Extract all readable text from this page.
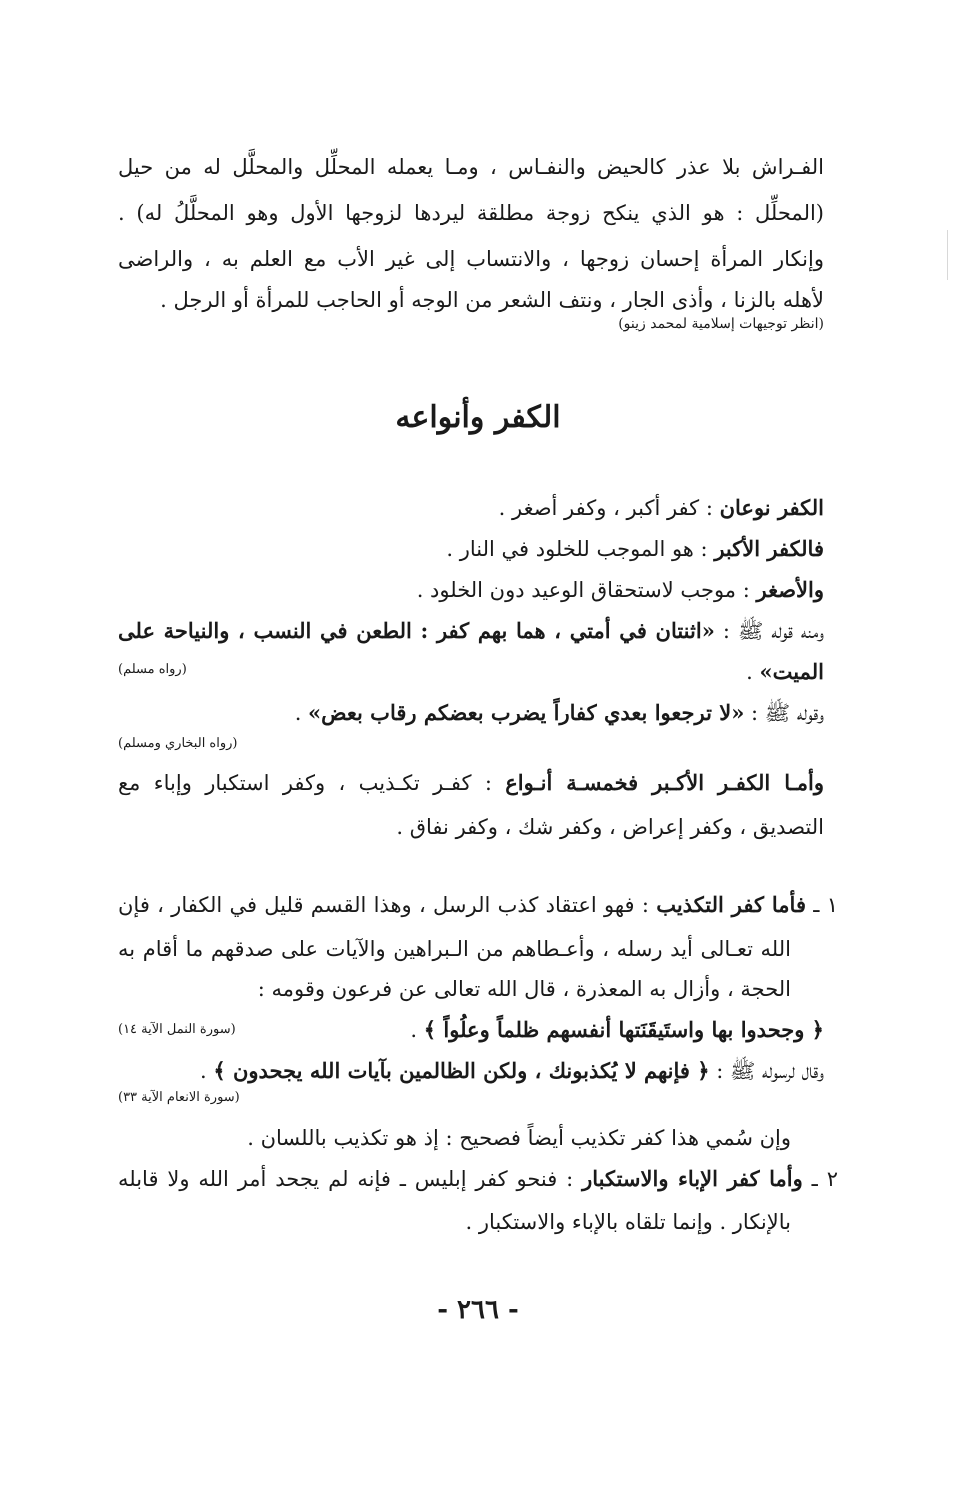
الفـراش بلا عذر كالحيض والنفـاس ، ومـا يعمله المحلِّل والمحلَّل له من حيل
(المحلِّل : هو الذي ينكح زوجة مطلقة ليردها لزوجها الأول وهو المحلَّلُ له) .
وإنكار المرأة إحسان زوجها ، والانتساب إلى غير الأب مع العلم به ، والراضى
لأهله بالزنا ، وأذى الجار ، ونتف الشعر من الوجه أو الحاجب للمرأة أو الرجل .
(انظر توجيهات إسلامية لمحمد زينو)
الكفر وأنواعه
الكفر نوعان : كفر أكبر ، وكفر أصغر .
فالكفر الأكبر : هو الموجب للخلود في النار .
والأصغر : موجب لاستحقاق الوعيد دون الخلود .
ومنه قوله ﷺ : «اثنتان في أمتي ، هما بهم كفر : الطعن في النسب ، والنياحة على
الميت» .
(رواه مسلم)
وقوله ﷺ : «لا ترجعوا بعدي كفاراً يضرب بعضكم رقاب بعض» .
(رواه البخاري ومسلم)
وأمـا الكفـر الأكـبر فخمسـة أنـواع : كفـر تكـذيب ، وكفر استكبار وإباء مع
التصديق ، وكفر إعراض ، وكفر شك ، وكفر نفاق .
١ ـ فأما كفر التكذيب : فهو اعتقاد كذب الرسل ، وهذا القسم قليل في الكفار ، فإن
الله تعـالى أيد رسله ، وأعـطاهم من الـبراهين والآيات على صدقهم ما أقام به
الحجة ، وأزال به المعذرة ، قال الله تعالى عن فرعون وقومه :
﴿ وجحدوا بها واستَيقَنَتها أنفسهم ظلماً وعلُواً ﴾ .
(سورة النمل الآية ١٤)
وقال لرسوله ﷺ : ﴿ فإنهم لا يُكذبونك ، ولكن الظالمين بآيات الله يجحدون ﴾ .
(سورة الانعام الآية ٣٣)
وإن سُمي هذا كفر تكذيب أيضاً فصحيح : إذ هو تكذيب باللسان .
٢ ـ وأما كفر الإباء والاستكبار : فنحو كفر إبليس ـ فإنه لم يجحد أمر الله ولا قابله
بالإنكار . وإنما تلقاه بالإباء والاستكبار .
- ٢٦٦ -
